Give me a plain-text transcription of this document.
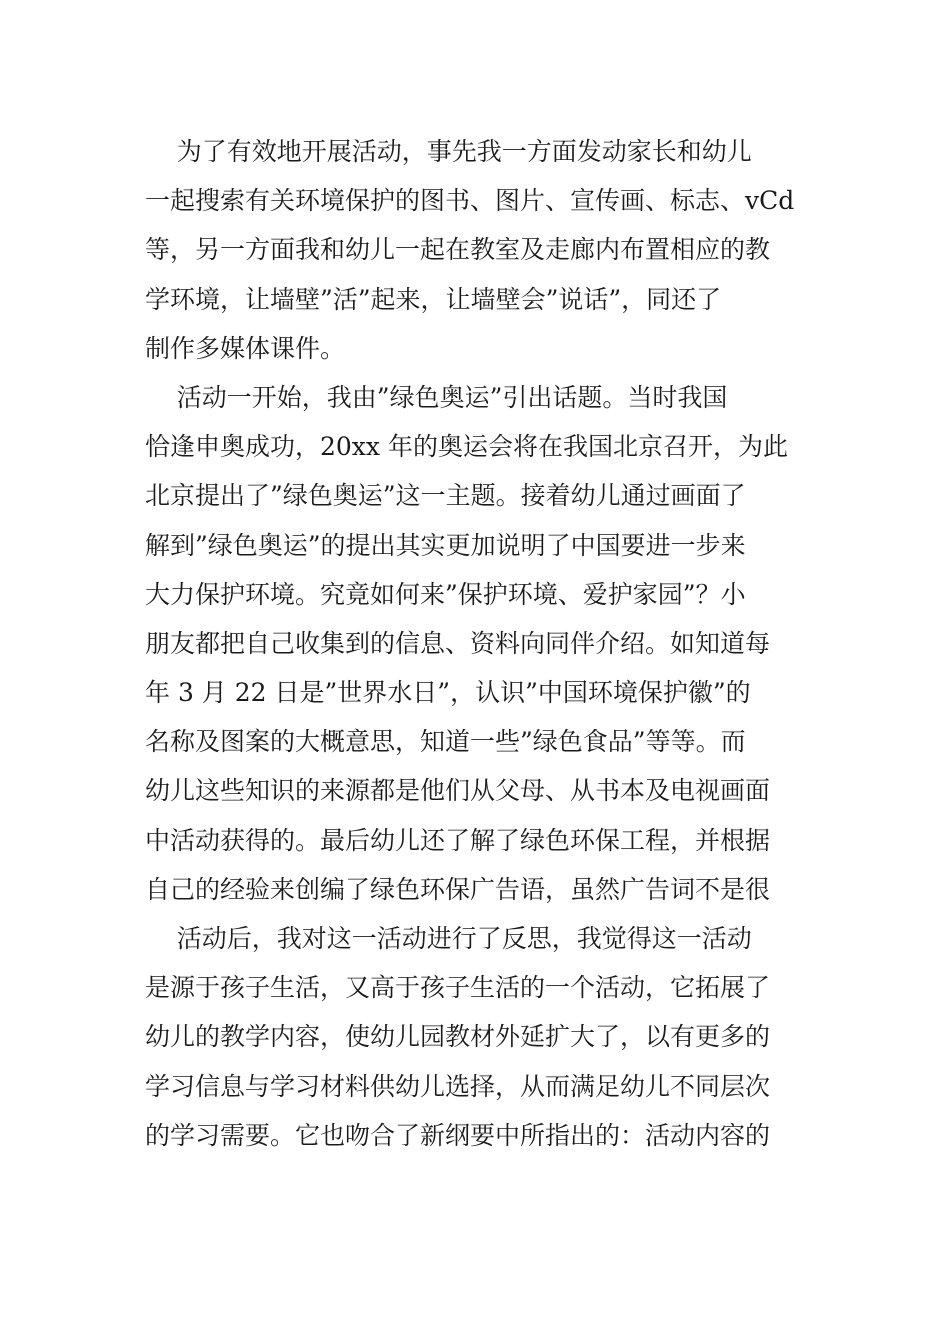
为了有效地开展活动，事先我一方面发动家长和幼儿
一起搜索有关环境保护的图书、图片、宣传画、标志、vCd
等，另一方面我和幼儿一起在教室及走廊内布置相应的教
学环境，让墙壁”活”起来，让墙壁会”说话”，同还了
制作多媒体课件。
活动一开始，我由”绿色奥运”引出话题。当时我国
恰逢申奥成功，20xx 年的奥运会将在我国北京召开，为此
北京提出了”绿色奥运”这一主题。接着幼儿通过画面了
解到”绿色奥运”的提出其实更加说明了中国要进一步来
大力保护环境。究竟如何来”保护环境、爱护家园”？小
朋友都把自己收集到的信息、资料向同伴介绍。如知道每
年 3 月 22 日是”世界水日”，认识”中国环境保护徽”的
名称及图案的大概意思，知道一些”绿色食品”等等。而
幼儿这些知识的来源都是他们从父母、从书本及电视画面
中活动获得的。最后幼儿还了解了绿色环保工程，并根据
自己的经验来创编了绿色环保广告语，虽然广告词不是很
活动后，我对这一活动进行了反思，我觉得这一活动
是源于孩子生活，又高于孩子生活的一个活动，它拓展了
幼儿的教学内容，使幼儿园教材外延扩大了，以有更多的
学习信息与学习材料供幼儿选择，从而满足幼儿不同层次
的学习需要。它也吻合了新纲要中所指出的：活动内容的
